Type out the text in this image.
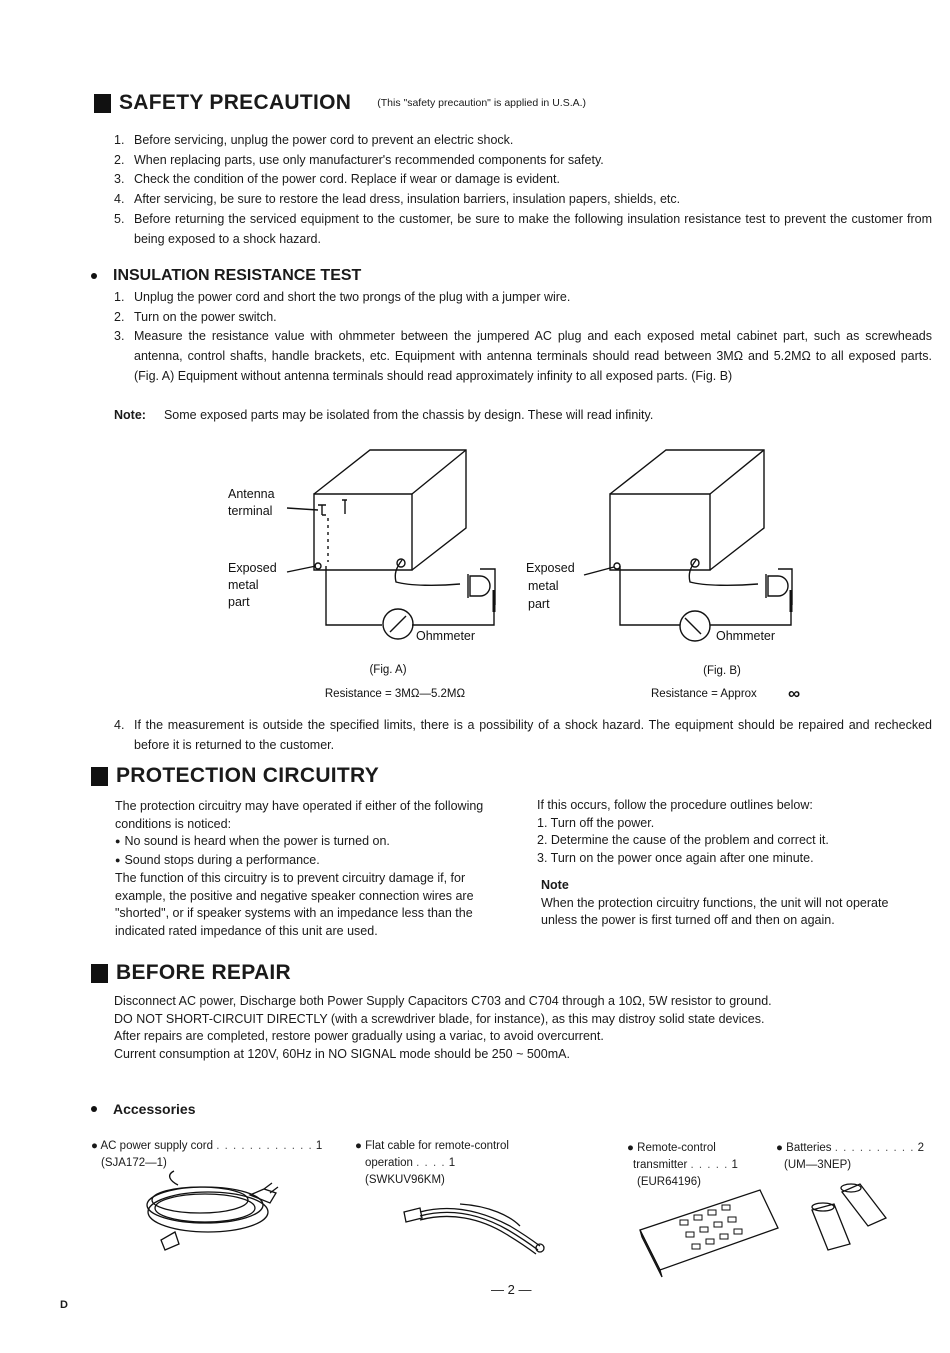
SAFETY PRECAUTION (This "safety precaution" is applied in U.S.A.)
1. Before servicing, unplug the power cord to prevent an electric shock.
2. When replacing parts, use only manufacturer's recommended components for safety.
3. Check the condition of the power cord. Replace if wear or damage is evident.
4. After servicing, be sure to restore the lead dress, insulation barriers, insulation papers, shields, etc.
5. Before returning the serviced equipment to the customer, be sure to make the following insulation resistance test to prevent the customer from being exposed to a shock hazard.
INSULATION RESISTANCE TEST
1. Unplug the power cord and short the two prongs of the plug with a jumper wire.
2. Turn on the power switch.
3. Measure the resistance value with ohmmeter between the jumpered AC plug and each exposed metal cabinet part, such as screwheads antenna, control shafts, handle brackets, etc. Equipment with antenna terminals should read between 3MΩ and 5.2MΩ to all exposed parts. (Fig. A) Equipment without antenna terminals should read approximately infinity to all exposed parts. (Fig. B)
Note: Some exposed parts may be isolated from the chassis by design. These will read infinity.
Antenna
terminal
Exposed
metal
part
Ohmmeter
(Fig. A)
Resistance = 3MΩ—5.2MΩ
Exposed
metal
part
Ohmmeter
(Fig. B)
Resistance = Approx ∞
4. If the measurement is outside the specified limits, there is a possibility of a shock hazard. The equipment should be repaired and rechecked before it is returned to the customer.
PROTECTION CIRCUITRY

The protection circuitry may have operated if either of the following conditions is noticed:

● No sound is heard when the power is turned on.

● Sound stops during a performance.

The function of this circuitry is to prevent circuitry damage if, for example, the positive and negative speaker connection wires are "shorted", or if speaker systems with an impedance less than the indicated rated impedance of this unit are used.

If this occurs, follow the procedure outlines below:

1. Turn off the power.

2. Determine the cause of the problem and correct it.

3. Turn on the power once again after one minute.

Note

When the protection circuitry functions, the unit will not operate unless the power is first turned off and then on again.

BEFORE REPAIR

Disconnect AC power, Discharge both Power Supply Capacitors C703 and C704 through a 10Ω, 5W resistor to ground.

DO NOT SHORT-CIRCUIT DIRECTLY (with a screwdriver blade, for instance), as this may distroy solid state devices.

After repairs are completed, restore power gradually using a variac, to avoid overcurrent.

Current consumption at 120V, 60Hz in NO SIGNAL mode should be 250 ~ 500mA.

Accessories
● AC power supply cord . . . . . . . . . . . . 1
(SJA172—1)
● Flat cable for remote-control
operation . . . . 1
(SWKUV96KM)
● Remote-control
transmitter . . . . . 1
(EUR64196)
● Batteries . . . . . . . . . . 2
(UM—3NEP)
— 2 —
D
